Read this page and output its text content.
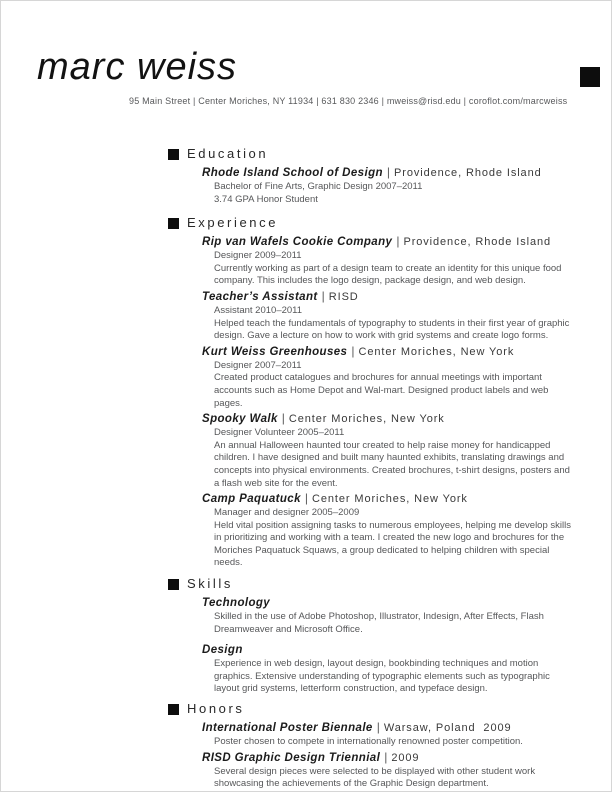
marc weiss
95 Main Street | Center Moriches, NY 11934 | 631 830 2346 | mweiss@risd.edu | coroflot.com/marcweiss
Education

Rhode Island School of Design | Providence, Rhode Island

Bachelor of Fine Arts, Graphic Design 2007–2011

3.74 GPA Honor Student

Experience

Rip van Wafels Cookie Company | Providence, Rhode Island

Designer 2009–2011

Currently working as part of a design team to create an identity for this unique food company. This includes the logo design, package design, and web design.

Teacher’s Assistant | RISD

Assistant 2010–2011

Helped teach the fundamentals of typography to students in their first year of graphic design. Gave a lecture on how to work with grid systems and create logo forms.

Kurt Weiss Greenhouses | Center Moriches, New York

Designer 2007–2011

Created product catalogues and brochures for annual meetings with important accounts such as Home Depot and Wal-mart. Designed product labels and web pages.

Spooky Walk | Center Moriches, New York

Designer Volunteer 2005–2011

An annual Halloween haunted tour created to help raise money for handicapped children. I have designed and built many haunted exhibits, translating drawings and concepts into physical environments. Created brochures, t-shirt designs, posters and a flash web site for the event.

Camp Paquatuck | Center Moriches, New York

Manager and designer 2005–2009

Held vital position assigning tasks to numerous employees, helping me develop skills in prioritizing and working with a team. I created the new logo and brochures for the Moriches Paquatuck Squaws, a group dedicated to helping children with special needs.

Skills

Technology

Skilled in the use of Adobe Photoshop, Illustrator, Indesign, After Effects, Flash Dreamweaver and Microsoft Office.

Design

Experience in web design, layout design, bookbinding techniques and motion graphics. Extensive understanding of typographic elements such as typographic layout grid systems, letterform construction, and typeface design.

Honors

International Poster Biennale | Warsaw, Poland  2009

Poster chosen to compete in internationally renowned poster competition.

RISD Graphic Design Triennial | 2009

Several design pieces were selected to be displayed with other student work showcasing the achievements of the Graphic Design department.
